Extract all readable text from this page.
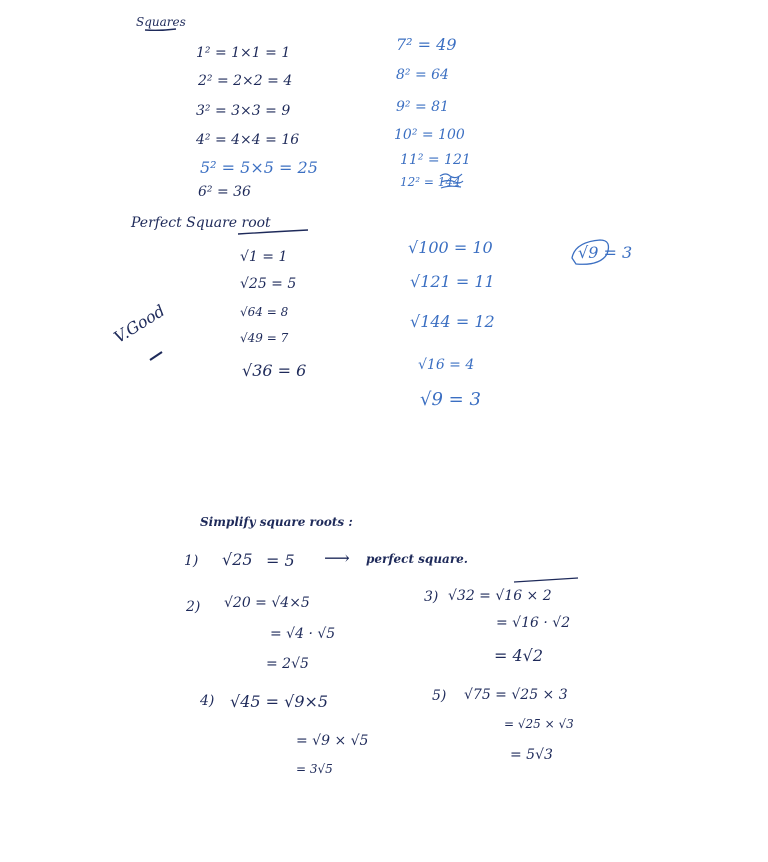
Squares
1² = 1×1 = 1
2² = 2×2 = 4
3² = 3×3 = 9
4² = 4×4 = 16
5² = 5×5 = 25
6² = 36
7² = 49
8² = 64
9² = 81
10² = 100
11² = 121
12² = 144
Perfect Square root
√1 = 1
√25 = 5
√64 = 8
√49 = 7
√36 = 6
√100 = 10
√121 = 11
√144 = 12
√16 = 4
√9 = 3
√9 = 3
V.Good
Simplify square roots :
1) √25 = 5 ⟶ perfect square.
2) √20 = √4×5
= √4 · √5
= 2√5
3) √32 = √16 × 2
= √16 · √2
= 4√2
4) √45 = √9×5
= √9 × √5
= 3√5
5) √75 = √25 × 3
= √25 × √3
= 5√3
